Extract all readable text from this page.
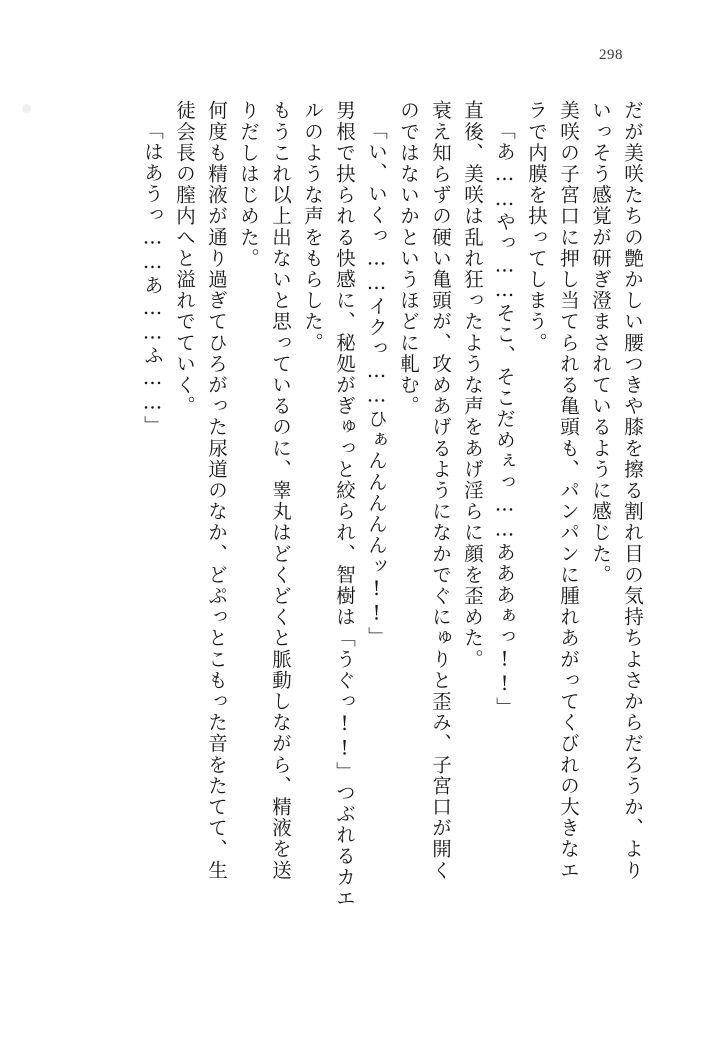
298
だが美咲たちの艶かしい腰つきや膝を擦る割れ目の気持ちよさからだろうか、より
いっそう感覚が研ぎ澄まされているように感じた。
美咲の子宮口に押し当てられる亀頭も、パンパンに腫れあがってくびれの大きなエ
ラで内膜を抉ってしまう。
「あ……やっ……そこ、そこだめぇっ……あああぁっ!!」
直後、美咲は乱れ狂ったような声をあげ淫らに顔を歪めた。
衰え知らずの硬い亀頭が、攻めあげるようになかでぐにゅりと歪み、子宮口が開く
のではないかというほどに軋む。
「い、いくっ……イクっ……ひぁんんんんんッ!!」
男根で抉られる快感に、秘処がぎゅっと絞られ、智樹は「うぐっ!!」つぶれるカエ
ルのような声をもらした。
もうこれ以上出ないと思っているのに、睾丸はどくどくと脈動しながら、精液を送
りだしはじめた。
何度も精液が通り過ぎてひろがった尿道のなか、どぷっとこもった音をたてて、生
徒会長の膣内へと溢れでていく。
「はあうっ……あ……ふ……」
